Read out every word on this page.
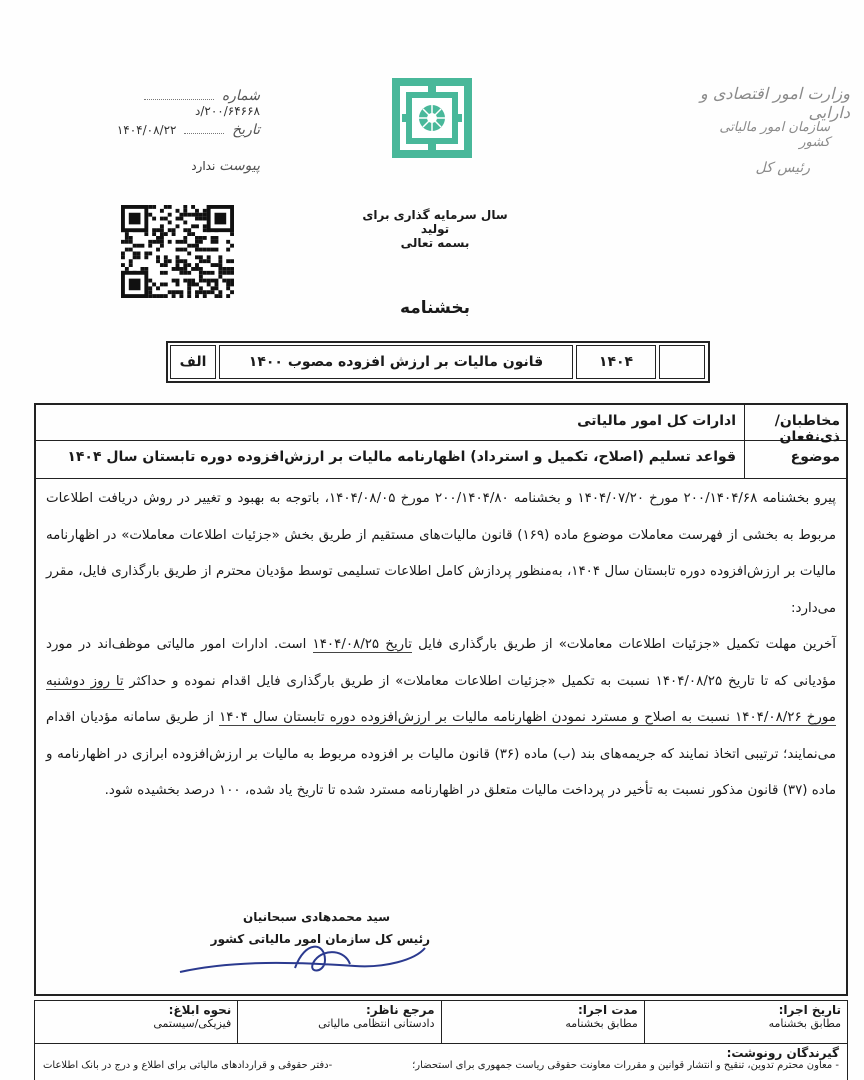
شماره  ۲۰۰/۶۴۶۶۸/د
تاریخ  ۱۴۰۴/۰۸/۲۲
پیوست ندارد
وزارت امور اقتصادی و دارایی
سازمان امور مالیاتی کشور
رئیس کل
سال سرمایه گذاری برای تولید
بسمه تعالی
بخشنامه
الف	قانون مالیات بر ارزش افزوده مصوب ۱۴۰۰	۱۴۰۴
مخاطبان/ذی‌نفعان
ادارات کل امور مالیاتی
موضوع
قواعد تسلیم (اصلاح، تکمیل و استرداد) اظهارنامه مالیات بر ارزش‌افزوده دوره تابستان سال ۱۴۰۴

پیرو بخشنامه ۲۰۰/۱۴۰۴/۶۸ مورخ ۱۴۰۴/۰۷/۲۰ و بخشنامه ۲۰۰/۱۴۰۴/۸۰ مورخ ۱۴۰۴/۰۸/۰۵، باتوجه به بهبود و تغییر در روش دریافت اطلاعات مربوط به بخشی از فهرست معاملات موضوع ماده (۱۶۹) قانون مالیات‌های مستقیم از طریق بخش «جزئیات اطلاعات معاملات» در اظهارنامه مالیات بر ارزش‌افزوده دوره تابستان سال ۱۴۰۴، به‌منظور پردازش کامل اطلاعات تسلیمی توسط مؤدیان محترم از طریق بارگذاری فایل، مقرر می‌دارد:

آخرین مهلت تکمیل «جزئیات اطلاعات معاملات» از طریق بارگذاری فایل تاریخ ۱۴۰۴/۰۸/۲۵ است. ادارات امور مالیاتی موظف‌اند در مورد مؤدیانی که تا تاریخ ۱۴۰۴/۰۸/۲۵ نسبت به تکمیل «جزئیات اطلاعات معاملات» از طریق بارگذاری فایل اقدام نموده و حداکثر تا روز دوشنبه مورخ ۱۴۰۴/۰۸/۲۶ نسبت به اصلاح و مسترد نمودن اظهارنامه مالیات بر ارزش‌افزوده دوره تابستان سال ۱۴۰۴ از طریق سامانه مؤدیان اقدام می‌نمایند؛ ترتیبی اتخاذ نمایند که جریمه‌های بند (ب) ماده (۳۶) قانون مالیات بر افزوده مربوط به مالیات بر ارزش‌افزوده ابرازی در اظهارنامه و ماده (۳۷) قانون مذکور نسبت به تأخیر در پرداخت مالیات متعلق در اظهارنامه مسترد شده تا تاریخ یاد شده، ۱۰۰ درصد بخشیده شود.

سید محمدهادی سبحانیان
رئیس کل سازمان امور مالیاتی کشور
تاریخ اجرا:
مطابق بخشنامه
مدت اجرا:
مطابق بخشنامه
مرجع ناظر:
دادستانی انتظامی مالیاتی
نحوه ابلاغ:
فیزیکی/سیستمی
گیرندگان رونوشت:
- معاون محترم تدوین، تنقیح و انتشار قوانین و مقررات معاونت حقوقی ریاست جمهوری برای استحضار؛
-دفتر حقوقی و قراردادهای مالیاتی برای اطلاع و درج در بانک اطلاعات
